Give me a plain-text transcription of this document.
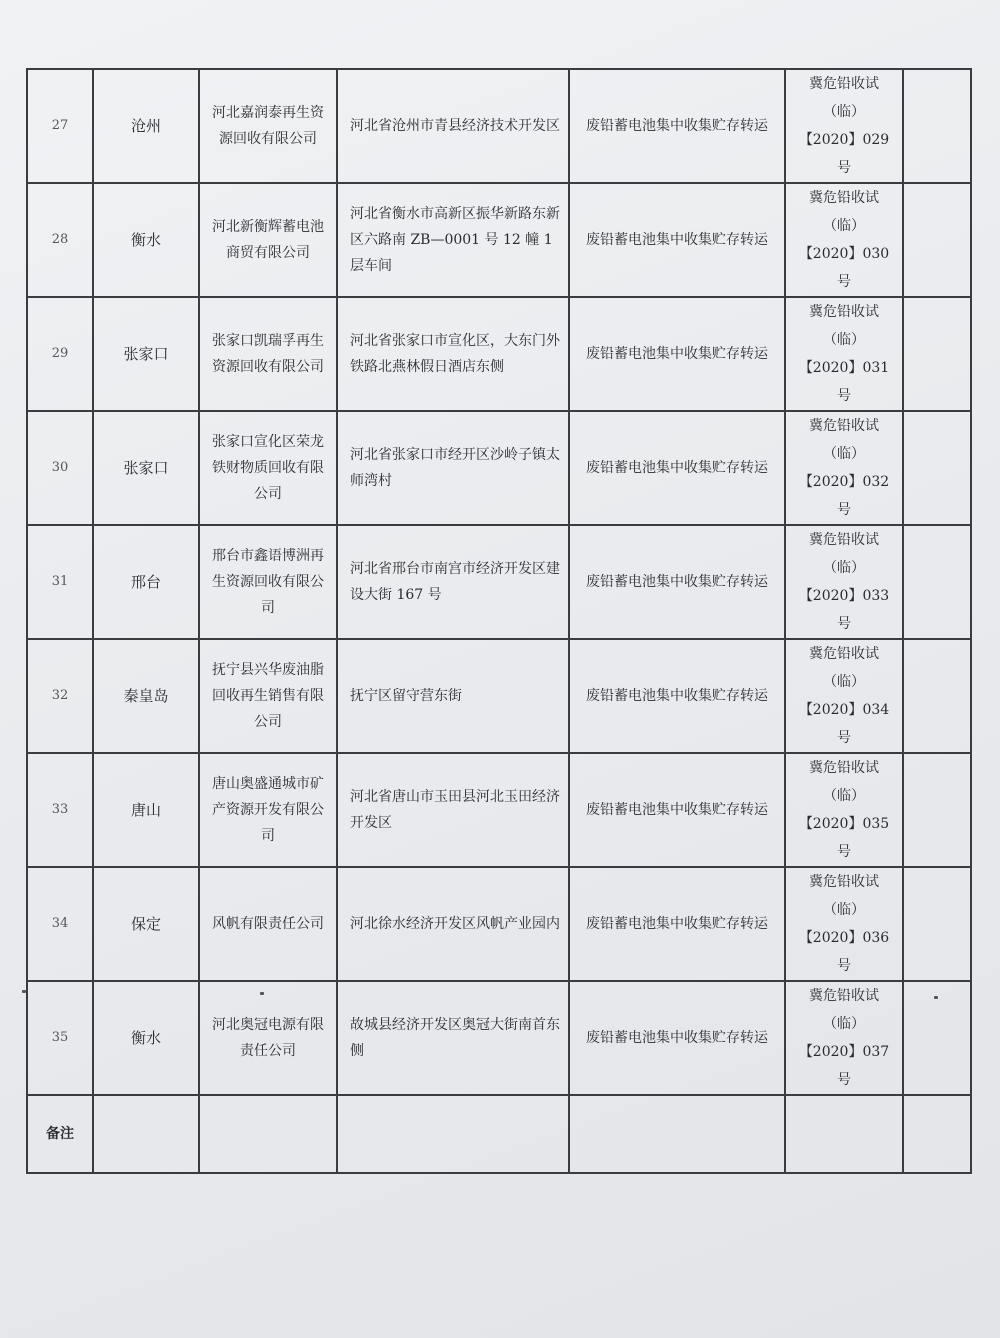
27	沧州	河北嘉润泰再生资源回收有限公司	河北省沧州市青县经济技术开发区	废铅蓄电池集中收集贮存转运	冀危铅收试（临）
【2020】029 号	
28	衡水	河北新衡辉蓄电池商贸有限公司	河北省衡水市高新区振华新路东新区六路南 ZB—0001 号 12 幢 1 层车间	废铅蓄电池集中收集贮存转运	冀危铅收试（临）
【2020】030 号	
29	张家口	张家口凯瑞孚再生资源回收有限公司	河北省张家口市宣化区，大东门外铁路北燕林假日酒店东侧	废铅蓄电池集中收集贮存转运	冀危铅收试（临）
【2020】031 号	
30	张家口	张家口宣化区荣龙铁财物质回收有限公司	河北省张家口市经开区沙岭子镇太师湾村	废铅蓄电池集中收集贮存转运	冀危铅收试（临）
【2020】032 号	
31	邢台	邢台市鑫语博洲再生资源回收有限公司	河北省邢台市南宫市经济开发区建设大街 167 号	废铅蓄电池集中收集贮存转运	冀危铅收试（临）
【2020】033 号	
32	秦皇岛	抚宁县兴华废油脂回收再生销售有限公司	抚宁区留守营东街	废铅蓄电池集中收集贮存转运	冀危铅收试（临）
【2020】034 号	
33	唐山	唐山奥盛通城市矿产资源开发有限公司	河北省唐山市玉田县河北玉田经济开发区	废铅蓄电池集中收集贮存转运	冀危铅收试（临）
【2020】035 号	
34	保定	风帆有限责任公司	河北徐水经济开发区风帆产业园内	废铅蓄电池集中收集贮存转运	冀危铅收试（临）
【2020】036 号	
35	衡水	河北奥冠电源有限责任公司	故城县经济开发区奥冠大街南首东侧	废铅蓄电池集中收集贮存转运	冀危铅收试（临）
【2020】037 号	
备注						
